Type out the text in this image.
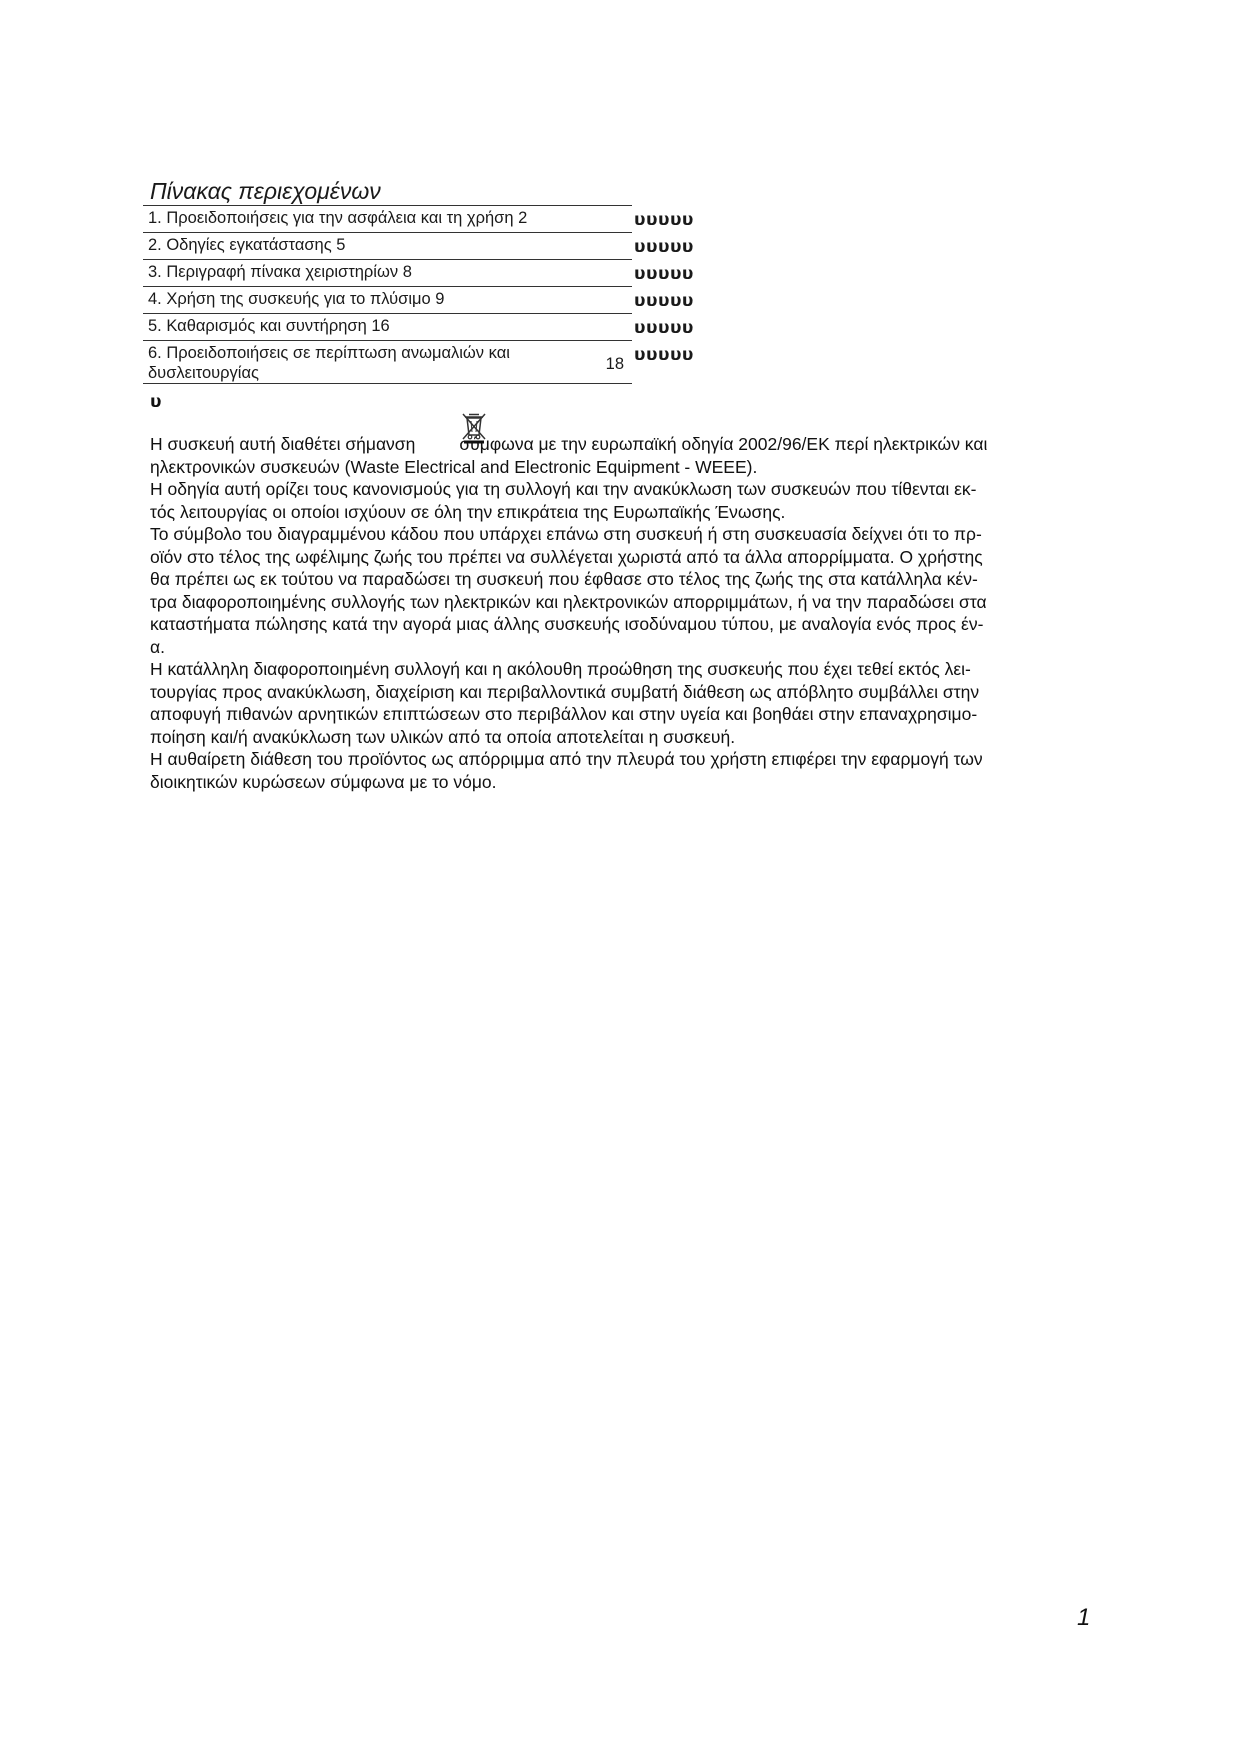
Πίνακας περιεχομένων
1. Προειδοποιήσεις για την ασφάλεια και τη χρήση 2	υυυυυ
2. Οδηγίες εγκατάστασης 5	υυυυυ
3. Περιγραφή πίνακα χειριστηρίων 8	υυυυυ
4. Χρήση της συσκευής για το πλύσιμο 9	υυυυυ
5. Καθαρισμός και συντήρηση 16	υυυυυ
6. Προειδοποιήσεις σε περίπτωση ανωμαλιών και δυσλειτουργίας	18 υυυυυ
υ

Η συσκευή αυτή διαθέτει σήμανση	σύμφωνα με την ευρωπαϊκή οδηγία 2002/96/ΕΚ περί ηλεκτρικών και

ηλεκτρονικών συσκευών (Waste Electrical and Electronic Equipment - WEEE).

Η οδηγία αυτή ορίζει τους κανονισμούς για τη συλλογή και την ανακύκλωση των συσκευών που τίθενται εκ-

τός λειτουργίας οι οποίοι ισχύουν σε όλη την επικράτεια της Ευρωπαϊκής Ένωσης.

Το σύμβολο του διαγραμμένου κάδου που υπάρχει επάνω στη συσκευή ή στη συσκευασία δείχνει ότι το πρ-

οϊόν στο τέλος της ωφέλιμης ζωής του πρέπει να συλλέγεται χωριστά από τα άλλα απορρίμματα. Ο χρήστης

θα πρέπει ως εκ τούτου να παραδώσει τη συσκευή που έφθασε στο τέλος της ζωής της στα κατάλληλα κέν-

τρα διαφοροποιημένης συλλογής των ηλεκτρικών και ηλεκτρονικών απορριμμάτων, ή να την παραδώσει στα

καταστήματα πώλησης κατά την αγορά μιας άλλης συσκευής ισοδύναμου τύπου, με αναλογία ενός προς έν-

α.

Η κατάλληλη διαφοροποιημένη συλλογή και η ακόλουθη προώθηση της συσκευής που έχει τεθεί εκτός λει-

τουργίας προς ανακύκλωση, διαχείριση και περιβαλλοντικά συμβατή διάθεση ως απόβλητο συμβάλλει στην

αποφυγή πιθανών αρνητικών επιπτώσεων στο περιβάλλον και στην υγεία και βοηθάει στην επαναχρησιμο-

ποίηση και/ή ανακύκλωση των υλικών από τα οποία αποτελείται η συσκευή.

Η αυθαίρετη διάθεση του προϊόντος ως απόρριμμα από την πλευρά του χρήστη επιφέρει την εφαρμογή των

διοικητικών κυρώσεων σύμφωνα με το νόμο.

1
